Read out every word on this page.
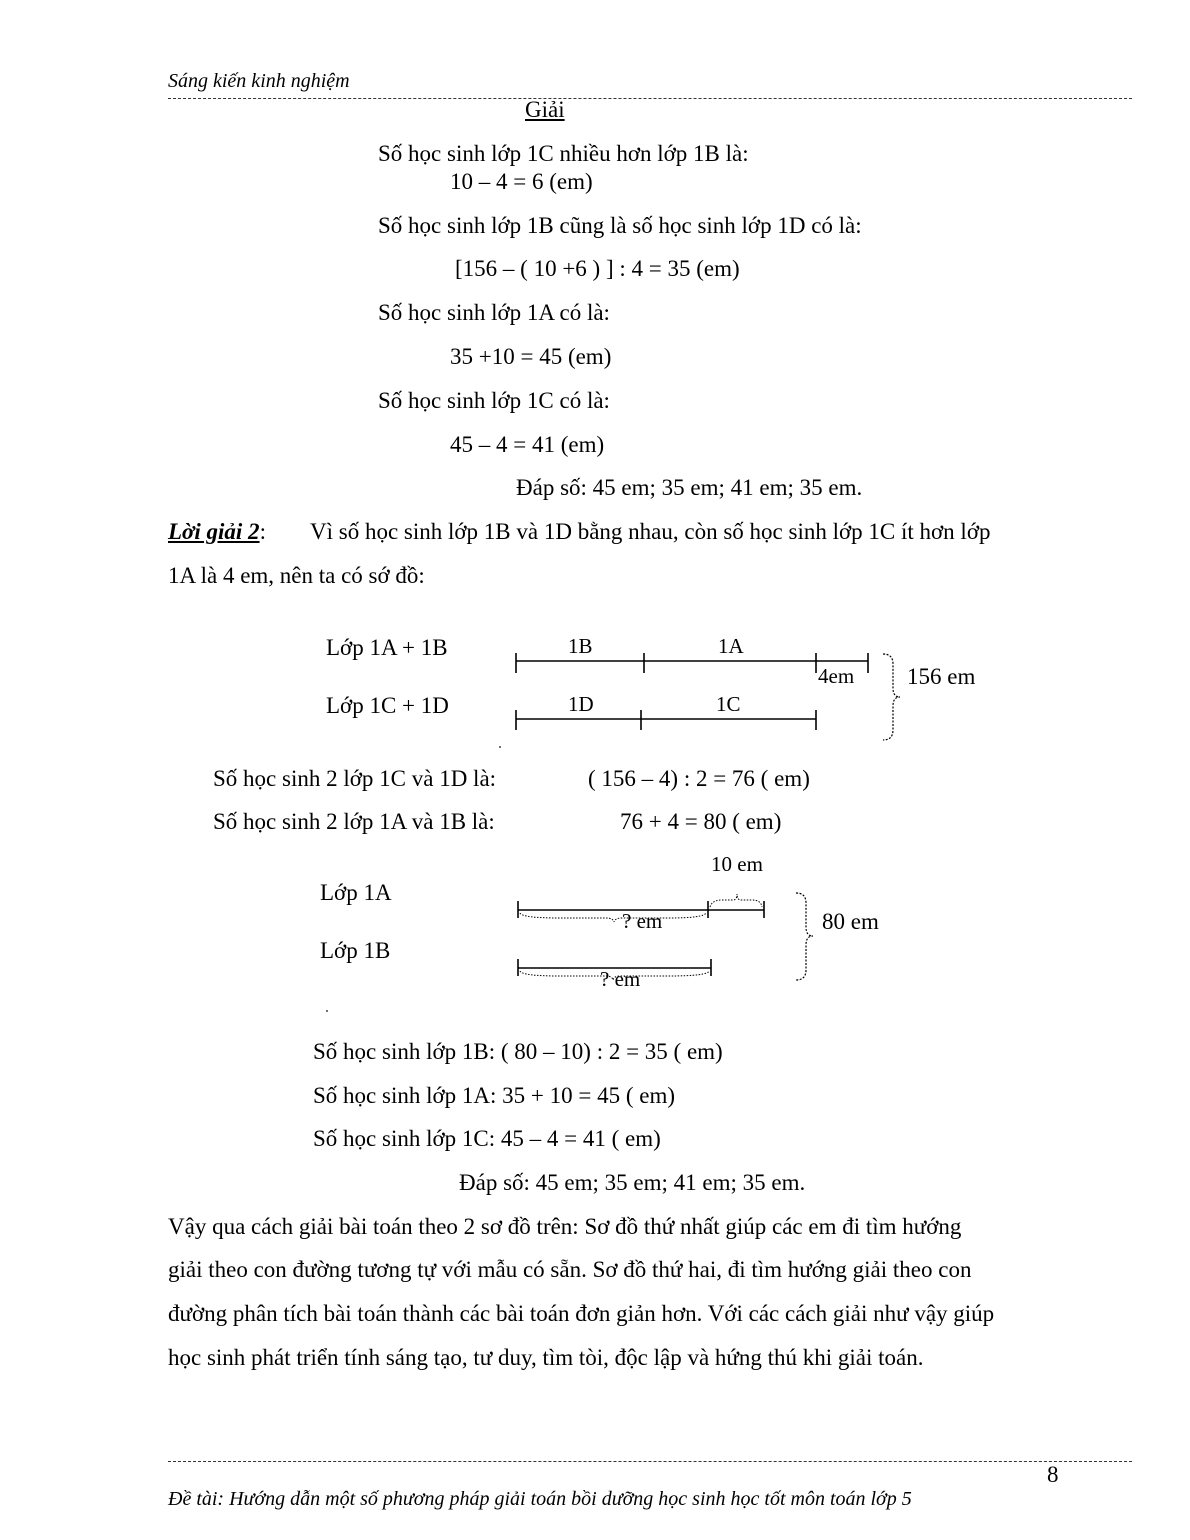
Sáng kiến kinh nghiệm
Giải
Số học sinh lớp 1C nhiều hơn lớp 1B là:
10 – 4 = 6 (em)
Số học sinh lớp 1B cũng là số học sinh lớp 1D có là:
[156 – ( 10 +6 ) ] : 4 = 35 (em)
Số học sinh lớp 1A có là:
35 +10 = 45 (em)
Số học sinh lớp 1C có là:
45 – 4 = 41 (em)
Đáp số: 45 em; 35 em; 41 em; 35 em.
Lời giải 2: Vì số học sinh lớp 1B và 1D bằng nhau, còn số học sinh lớp 1C ít hơn lớp
1A là 4 em, nên ta có sớ đồ:
Lớp 1A + 1B
Lớp 1C + 1D
1B	1A
4em
1D	1C
156 em
Số học sinh 2 lớp 1C và 1D là:	( 156 – 4) : 2 = 76 ( em)
Số học sinh 2 lớp 1A và 1B là:	76 + 4 = 80 ( em)
10 em
Lớp 1A
Lớp 1B
? em
? em
80 em
Số học sinh lớp 1B: ( 80 – 10) : 2 = 35 ( em)
Số học sinh lớp 1A: 35 + 10 = 45 ( em)
Số học sinh lớp 1C: 45 – 4 = 41 ( em)
Đáp số: 45 em; 35 em; 41 em; 35 em.
Vậy qua cách giải bài toán theo 2 sơ đồ trên: Sơ đồ thứ nhất giúp các em đi tìm hướng
giải theo con đường tương tự với mẫu có sẵn. Sơ đồ thứ hai, đi tìm hướng giải theo con
đường phân tích bài toán thành các bài toán đơn giản hơn. Với các cách giải như vậy giúp
học sinh phát triển tính sáng tạo, tư duy, tìm tòi, độc lập và hứng thú khi giải toán.
8
Đề tài: Hướng dẫn một số phương pháp giải toán bồi dưỡng học sinh học tốt môn toán lớp 5
